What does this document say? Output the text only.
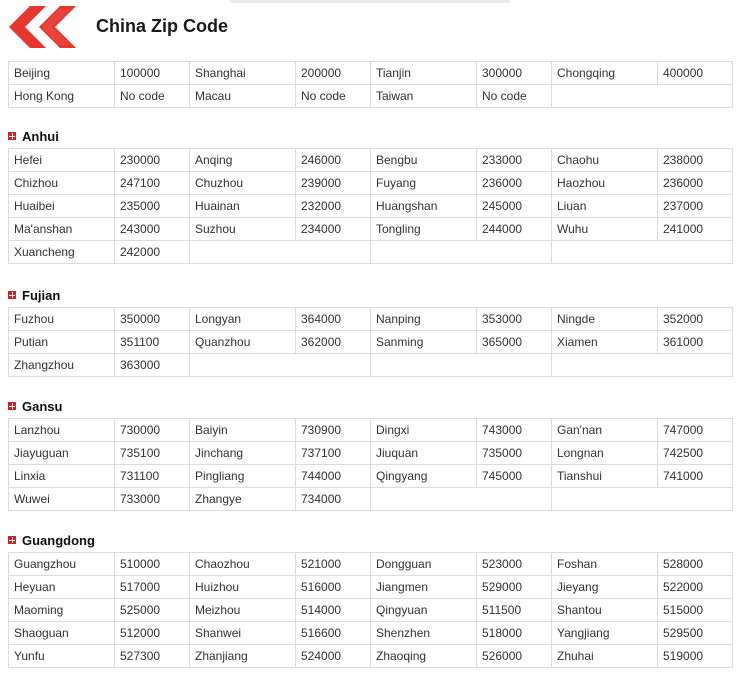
China Zip Code
Beijing	100000	Shanghai	200000	Tianjin	300000	Chongqing	400000
Hong Kong	No code	Macau	No code	Taiwan	No code		
Anhui
Hefei	230000	Anqing	246000	Bengbu	233000	Chaohu	238000
Chizhou	247100	Chuzhou	239000	Fuyang	236000	Haozhou	236000
Huaibei	235000	Huainan	232000	Huangshan	245000	Liuan	237000
Ma'anshan	243000	Suzhou	234000	Tongling	244000	Wuhu	241000
Xuancheng	242000						
Fujian
Fuzhou	350000	Longyan	364000	Nanping	353000	Ningde	352000
Putian	351100	Quanzhou	362000	Sanming	365000	Xiamen	361000
Zhangzhou	363000						
Gansu
Lanzhou	730000	Baiyin	730900	Dingxi	743000	Gan'nan	747000
Jiayuguan	735100	Jinchang	737100	Jiuquan	735000	Longnan	742500
Linxia	731100	Pingliang	744000	Qingyang	745000	Tianshui	741000
Wuwei	733000	Zhangye	734000				
Guangdong
Guangzhou	510000	Chaozhou	521000	Dongguan	523000	Foshan	528000
Heyuan	517000	Huizhou	516000	Jiangmen	529000	Jieyang	522000
Maoming	525000	Meizhou	514000	Qingyuan	511500	Shantou	515000
Shaoguan	512000	Shanwei	516600	Shenzhen	518000	Yangjiang	529500
Yunfu	527300	Zhanjiang	524000	Zhaoqing	526000	Zhuhai	519000
